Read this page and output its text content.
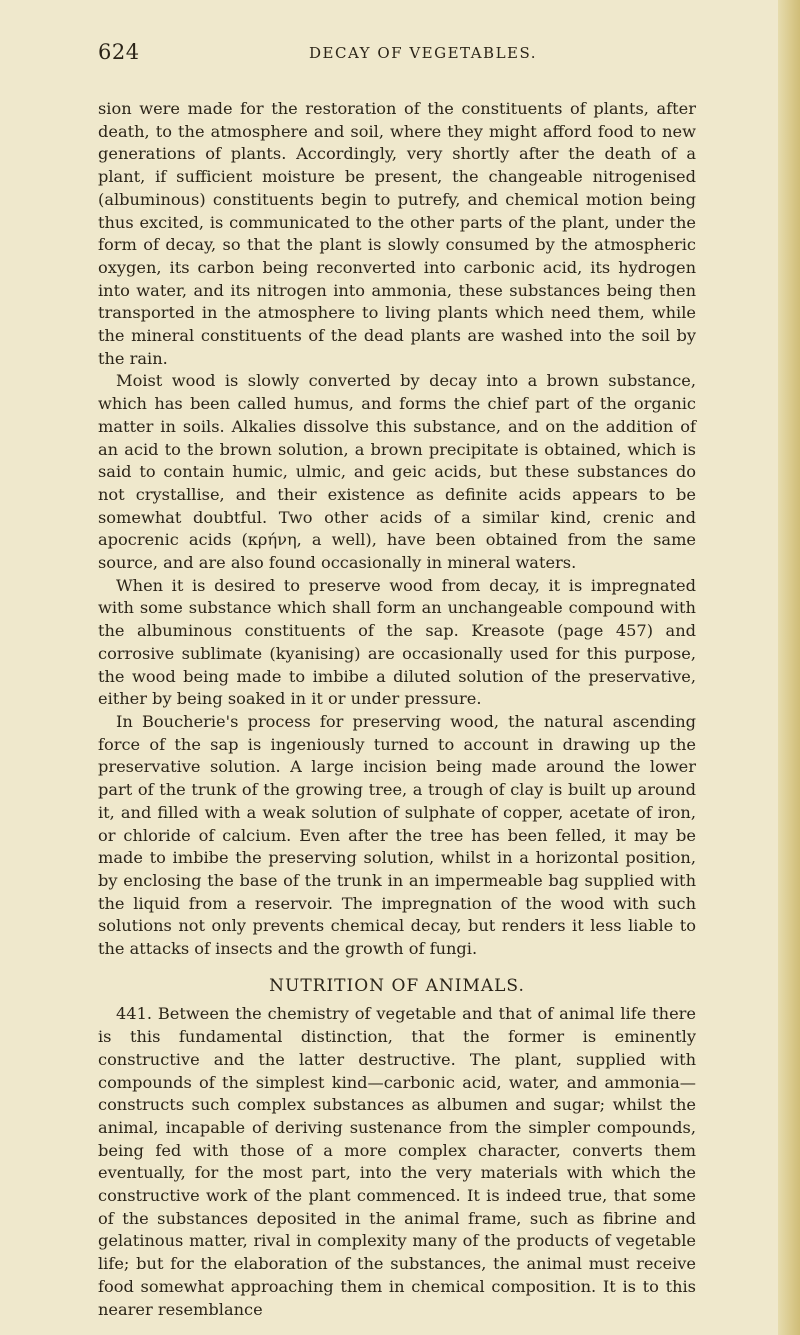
624	DECAY OF VEGETABLES.

sion were made for the restoration of the constituents of plants, after death, to the atmosphere and soil, where they might afford food to new generations of plants. Accordingly, very shortly after the death of a plant, if sufficient moisture be present, the changeable nitrogenised (albuminous) constituents begin to putrefy, and chemical motion being thus excited, is communicated to the other parts of the plant, under the form of decay, so that the plant is slowly consumed by the atmospheric oxygen, its carbon being reconverted into carbonic acid, its hydrogen into water, and its nitrogen into ammonia, these substances being then transported in the atmosphere to living plants which need them, while the mineral constituents of the dead plants are washed into the soil by the rain.

Moist wood is slowly converted by decay into a brown substance, which has been called humus, and forms the chief part of the organic matter in soils. Alkalies dissolve this substance, and on the addition of an acid to the brown solution, a brown precipitate is obtained, which is said to contain humic, ulmic, and geic acids, but these substances do not crystallise, and their existence as definite acids appears to be somewhat doubtful. Two other acids of a similar kind, crenic and apocrenic acids (κρήνη, a well), have been obtained from the same source, and are also found occasionally in mineral waters.

When it is desired to preserve wood from decay, it is impregnated with some substance which shall form an unchangeable compound with the albuminous constituents of the sap. Kreasote (page 457) and corrosive sublimate (kyanising) are occasionally used for this purpose, the wood being made to imbibe a diluted solution of the preservative, either by being soaked in it or under pressure.

In Boucherie's process for preserving wood, the natural ascending force of the sap is ingeniously turned to account in drawing up the preservative solution. A large incision being made around the lower part of the trunk of the growing tree, a trough of clay is built up around it, and filled with a weak solution of sulphate of copper, acetate of iron, or chloride of calcium. Even after the tree has been felled, it may be made to imbibe the preserving solution, whilst in a horizontal position, by enclosing the base of the trunk in an impermeable bag supplied with the liquid from a reservoir. The impregnation of the wood with such solutions not only prevents chemical decay, but renders it less liable to the attacks of insects and the growth of fungi.

NUTRITION OF ANIMALS.

441. Between the chemistry of vegetable and that of animal life there is this fundamental distinction, that the former is eminently constructive and the latter destructive. The plant, supplied with compounds of the simplest kind—carbonic acid, water, and ammonia—constructs such complex substances as albumen and sugar; whilst the animal, incapable of deriving sustenance from the simpler compounds, being fed with those of a more complex character, converts them eventually, for the most part, into the very materials with which the constructive work of the plant commenced. It is indeed true, that some of the substances deposited in the animal frame, such as fibrine and gelatinous matter, rival in complexity many of the products of vegetable life; but for the elaboration of the substances, the animal must receive food somewhat approaching them in chemical composition. It is to this nearer resemblance
